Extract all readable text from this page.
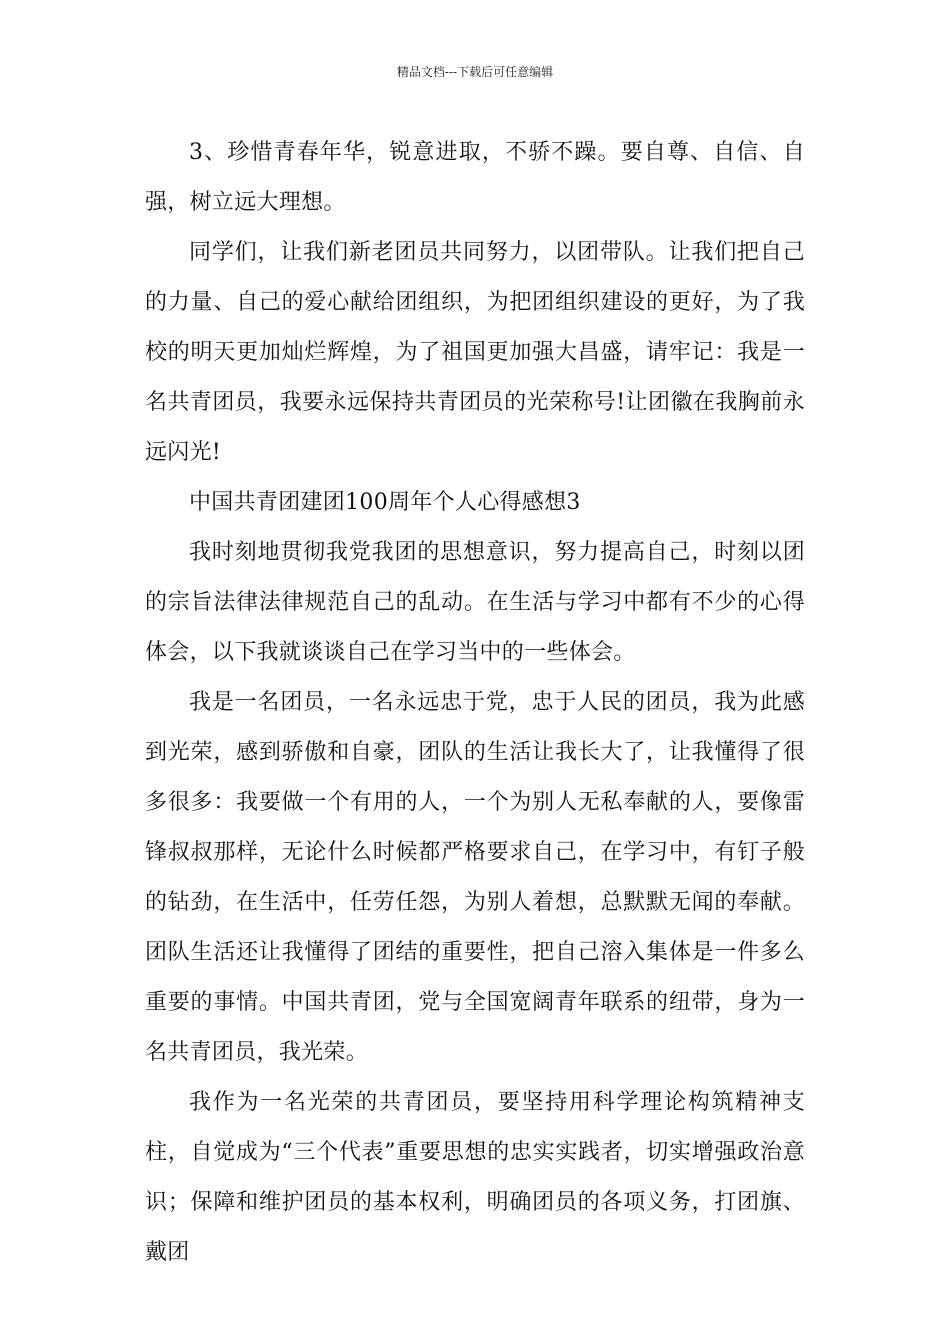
精品文档---下载后可任意编辑

3、珍惜青春年华，锐意进取，不骄不躁。要自尊、自信、自强，树立远大理想。

同学们，让我们新老团员共同努力，以团带队。让我们把自己的力量、自己的爱心献给团组织，为把团组织建设的更好，为了我校的明天更加灿烂辉煌，为了祖国更加强大昌盛，请牢记：我是一名共青团员，我要永远保持共青团员的光荣称号!让团徽在我胸前永远闪光!

中国共青团建团100周年个人心得感想3

我时刻地贯彻我党我团的思想意识，努力提高自己，时刻以团的宗旨法律法律规范自己的乱动。在生活与学习中都有不少的心得体会，以下我就谈谈自己在学习当中的一些体会。

我是一名团员，一名永远忠于党，忠于人民的团员，我为此感到光荣，感到骄傲和自豪，团队的生活让我长大了，让我懂得了很多很多：我要做一个有用的人，一个为别人无私奉献的人，要像雷锋叔叔那样，无论什么时候都严格要求自己，在学习中，有钉子般的钻劲，在生活中，任劳任怨，为别人着想，总默默无闻的奉献。团队生活还让我懂得了团结的重要性，把自己溶入集体是一件多么重要的事情。中国共青团，党与全国宽阔青年联系的纽带，身为一名共青团员，我光荣。

我作为一名光荣的共青团员，要坚持用科学理论构筑精神支柱，自觉成为“三个代表”重要思想的忠实实践者，切实增强政治意识；保障和维护团员的基本权利，明确团员的各项义务，打团旗、戴团
